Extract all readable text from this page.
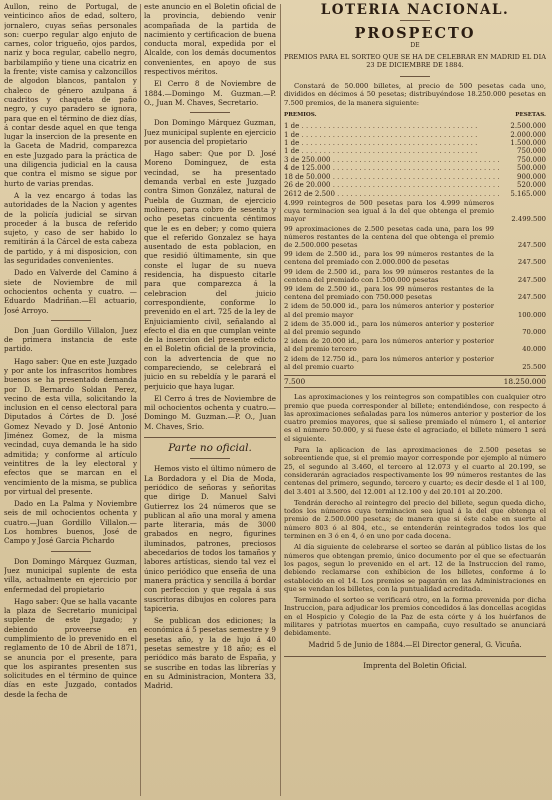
Aullon, reino de Portugal, de veinticinco años de edad, soltero, jornalero, cuyas señas personales son: cuerpo regular algo enjuto de carnes, color trigueño, ojos pardos, nariz y boca regular, cabello negro, barbilampiño y tiene una cicatriz en la frente; viste camisa y calzoncillos de algodon blancos, pantalon y chaleco de género azulpana á cuadritos y chaqueta de paño negro, y cuyo paradero se ignora, para que en el término de diez días, á contar desde aquel en que tenga lugar la insercion de la presente en la Gaceta de Madrid, comparezca en este Juzgado para la práctica de una diligencia judicial en la causa que contra el mismo se sigue por hurto de varias prendas.

A la vez encargo á todas las autoridades de la Nacion y agentes de la policía judicial se sirvan proceder á la busca de referido sujeto, y caso de ser habido lo remitirán á la Cárcel de esta cabeza de partido, y á mi disposicion, con las seguridades convenientes.

Dado en Valverde del Camino á siete de Noviembre de mil ochocientos ochenta y cuatro. —Eduardo Madriñan.—El actuario, José Arroyo.

Don Juan Gordillo Villalon, Juez de primera instancia de este partido.

Hago saber: Que en este Juzgado y por ante los infrascritos hombres buenos se ha presentado demanda por D. Bernardo Soldan Perez, vecino de esta villa, solicitando la inclusion en el censo electoral para Diputados á Córtes de D. José Gomez Nevado y D. José Antonio Jiménez Gomez, de la misma vecindad, cuya demanda le ha sido admitida; y conforme al artículo veintitres de la ley electoral y efectos que se marcan en el vencimiento de la misma, se publica por virtual del presente.

Dado en La Palma y Noviembre seis de mil ochocientos ochenta y cuatro.—Juan Gordillo Villalon.—Los hombres buenos, José de Campo y José Garcia Pichardo

Don Domingo Márquez Guzman, Juez municipal suplente de esta villa, actualmente en ejercicio por enfermedad del propietario

Hago saber: Que se halla vacante la plaza de Secretario municipal suplente de este Juzgado; y debiendo proveerse en cumplimiento de lo prevenido en el reglamento de 10 de Abril de 1871, se anuncia por el presente, para que los aspirantes presenten sus solicitudes en el término de quince días en este Juzgado, contados desde la fecha de

este anuncio en el Boletin oficial de la provincia, debiendo venir acompañada de la partida de nacimiento y certificacion de buena conducta moral, expedida por el Alcalde, con los demás documentos convenientes, en apoyo de sus respectivos méritos.

El Cerro 8 de Noviembre de 1884.—Domingo M. Guzman.—P. O., Juan M. Chaves, Secretario.

Don Domingo Márquez Guzman, Juez municipal suplente en ejercicio por ausencia del propietario

Hago saber: Que por D. José Moreno Dominguez, de esta vecindad, se ha presentado demanda verbal en este Juzgado contra Simon González, natural de Puebla de Guzman, de ejercicio molinero, para cobro de sesenta y ocho pesetas cincuenta céntimos que le es en deber; y como quiera que el referido Gonzalez se haya ausentado de esta poblacion, en que residió últimamente, sin que conste el lugar de su nueva residencia, ha dispuesto citarle para que comparezca á la celebracion del juicio correspondiente, conforme lo prevenido en el art. 725 de la ley de Enjuiciamiento civil, señalando al efecto el dia en que cumplan veinte de la insercion del presente edicto en el Boletin oficial de la provincia, con la advertencia de que no compareciendo, se celebrará el juicio en su rebeldía y le parará el perjuicio que haya lugar.

El Cerro á tres de Noviembre de mil ochocientos ochenta y cuatro.—Domingo M. Guzman.—P. O., Juan M. Chaves, Srio.

Parte no oficial.

Hemos visto el último número de La Bordadora y el Dia de Moda, periódico de señoras y señoritas que dirige D. Manuel Salvi Gutierrez los 24 números que se publican al año una moral y amena parte literaria, más de 3000 grabados en negro, figurines iluminados, patrones, preciosos abecedarios de todos los tamaños y labores artísticas, siendo tal vez el único periódico que enseña de una manera práctica y sencilla á bordar con perfeccion y que regala á sus suscritoras dibujos en colores para tapiceria.

Se publican dos ediciones; la económica á 5 pesetas semestre y 9 pesetas año, y la de lujo á 40 pesetas semestre y 18 año; es el periódico más barato de España, y se suscribe en todas las librerías y en su Administracion, Montera 33, Madrid.

LOTERIA NACIONAL.
PROSPECTO
DE
PREMIOS PARA EL SORTEO QUE SE HA DE CELEBRAR EN MADRID EL DIA 23 DE DICIEMBRE DE 1884.

Constará de 50.000 billetes, al precio de 500 pesetas cada uno, divididos en décimos á 50 pesetas; distribuyéndose 18.250.000 pesetas en 7.500 premios, de la manera siguiente:

PREMIOS.	PESETAS.
1 de . . .	2.500.000
1 de . . .	2.000.000
1 de . . .	1.500.000
1 de . . .	750.000
3 de 250.000 . . .	750.000
4 de 125.000 . . .	500.000
18 de 50.000 . . .	900.000
26 de 20.000 . . .	520.000
2612 de 2.500 . . .	5.165.000
4.999 reintegros de 500 pesetas para los 4.999 números cuya terminacion sea igual á la del que obtenga el premio mayor	2.499.500
99 aproximaciones de 2.500 pesetas cada una, para los 99 números restantes de la centena del que obtenga el premio de 2.500.000 pesetas	247.500
99 idem de 2.500 id., para los 99 números restantes de la centena del premiado con 2.000.000 de pesetas	247.500
99 idem de 2.500 id., para los 99 números restantes de la centena del premiado con 1.500.000 pesetas	247.500
99 idem de 2.500 id., para los 99 números restantes de la centena del premiado con 750.000 pesetas	247.500
2 idem de 50.000 id., para los números anterior y posterior al del premio mayor	100.000
2 idem de 35.000 id., para los números anterior y posterior al del premio segundo	70.000
2 idem de 20.000 id., para los números anterior y posterior al del premio tercero	40.000
2 idem de 12.750 id., para los números anterior y posterior al del premio cuarto	25.500
7.500	18.250.000

Las aproximaciones y los reintegros son compatibles con cualquier otro premio que pueda corresponder al billete; entendiéndose, con respecto á las aproximaciones señaladas para los números anterior y posterior de los cuatro premios mayores, que si saliese premiado el número 1, el anterior es el número 50.000, y si fuese éste el agraciado, el billete número 1 será el siguiente.

Para la aplicacion de las aproximaciones de 2.500 pesetas se sobreentiende que, si el premio mayor corresponde por ejemplo al número 25, el segundo al 3.460, el tercero al 12.073 y el cuarto al 20.199, se considerarán agraciados respectivamente los 99 números restantes de las centenas del primero, segundo, tercero y cuarto; es decir desde el 1 al 100, del 3.401 al 3.500, del 12.001 al 12.100 y del 20.101 al 20.200.

Tendrán derecho al reintegro del precio del billete, segun queda dicho, todos los números cuya terminacion sea igual á la del que obtenga el premio de 2.500.000 pesetas; de manera que si éste cabe en suerte al número 803 ó al 804, etc., se entenderán reintegrados todos los que terminen en 3 ó en 4, ó en uno por cada docena.

Al día siguiente de celebrarse el sorteo se darán al público listas de los números que obtengan premio, único documento por el que se efectuarán los pagos, segun lo prevenido en el art. 12 de la Instruccion del ramo, debiendo reclamarse con exhibicion de los billetes, conforme á lo establecido en el 14. Los premios se pagarán en las Administraciones en que se vendan los billetes, con la puntualidad acreditada.

Terminado el sorteo se verificará otro, en la forma prevenida por dicha Instruccion, para adjudicar los premios concedidos á las doncellas acogidas en el Hospicio y Colegio de la Paz de esta córte y á los huérfanos de militares y patriotas muertos en campaña, cuyo resultado se anunciará debidamente.

Madrid 5 de Junio de 1884.—El Director general, G. Vicuña.
Imprenta del Boletin Oficial.
